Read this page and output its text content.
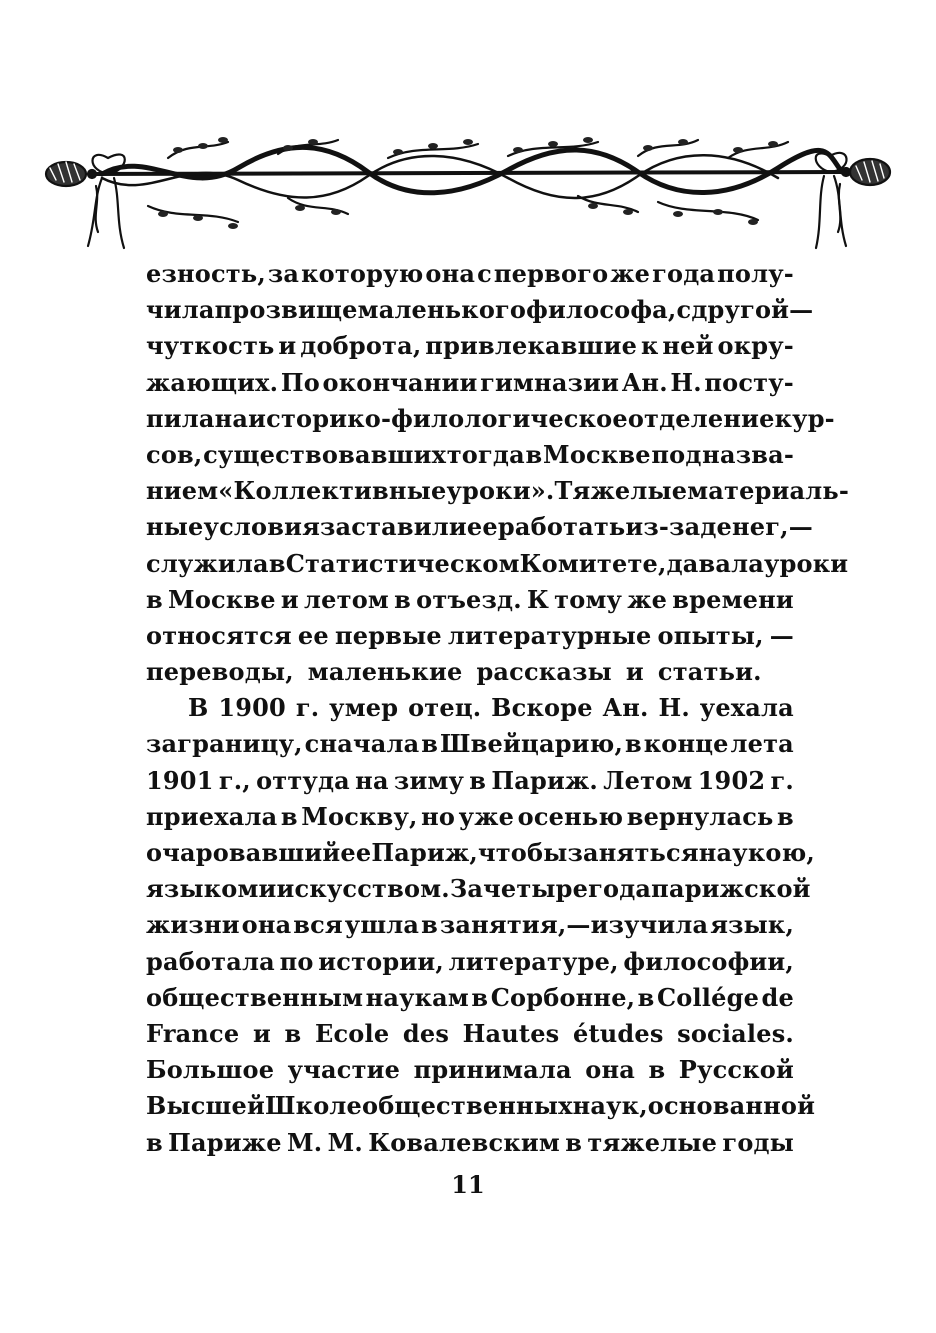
езность, за которую она с первого же года полу-
чила прозвище маленького философа, с другой—
чуткость и доброта, привлекавшие к ней окру-
жающих. По окончании гимназии Ан. Н. посту-
пила на историко-филологическое отделение кур-
сов, существовавших тогда в Москве под назва-
нием «Коллективные уроки». Тяжелые материаль-
ные условия заставили ее работать из-за денег,—
служила в Статистическом Комитете, давала уроки
в Москве и летом в отъезд. К тому же времени
относятся ее первые литературные опыты, —
переводы, маленькие рассказы и статьи.
В 1900 г. умер отец. Вскоре Ан. Н. уехала
заграницу, сначала в Швейцарию, в конце лета
1901 г., оттуда на зиму в Париж. Летом 1902 г.
приехала в Москву, но уже осенью вернулась в
очаровавший ее Париж, чтобы заняться наукою,
языком и искусством. За четыре года парижской
жизни она вся ушла в занятия,—изучила язык,
работала по истории, литературе, философии,
общественным наукам в Сорбонне, в Collége de
France и в Ecole des Hautes études sociales.
Большое участие принимала она в Русской
Высшей Школе общественных наук, основанной
в Париже М. М. Ковалевским в тяжелые годы
11
